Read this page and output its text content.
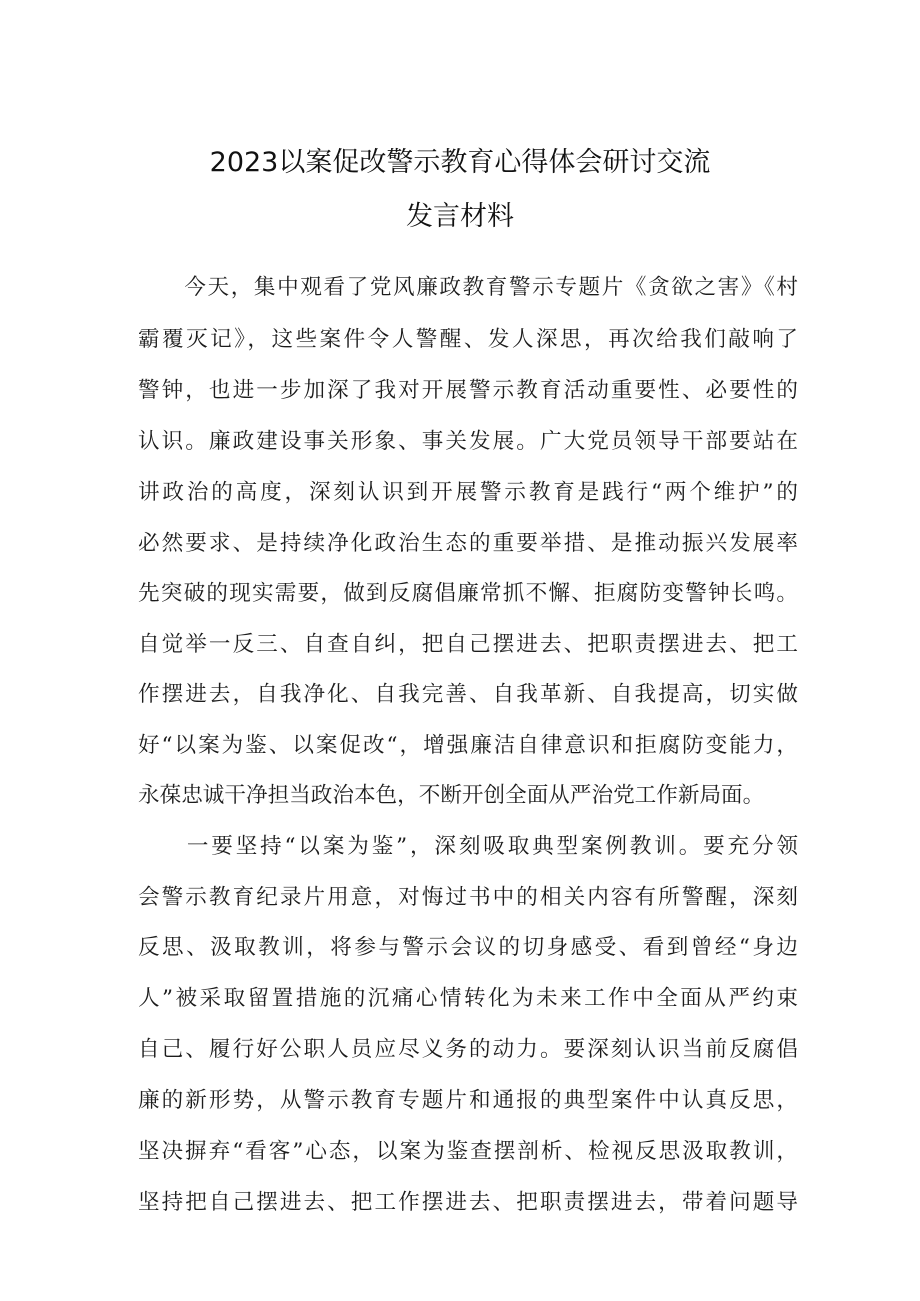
2023以案促改警示教育心得体会研讨交流
发言材料
　　今天，集中观看了党风廉政教育警示专题片《贪欲之害》《村
霸覆灭记》，这些案件令人警醒、发人深思，再次给我们敲响了
警钟，也进一步加深了我对开展警示教育活动重要性、必要性的
认识。廉政建设事关形象、事关发展。广大党员领导干部要站在
讲政治的高度，深刻认识到开展警示教育是践行“两个维护”的
必然要求、是持续净化政治生态的重要举措、是推动振兴发展率
先突破的现实需要，做到反腐倡廉常抓不懈、拒腐防变警钟长鸣。
自觉举一反三、自查自纠，把自己摆进去、把职责摆进去、把工
作摆进去，自我净化、自我完善、自我革新、自我提高，切实做
好“以案为鉴、以案促改“，增强廉洁自律意识和拒腐防变能力，
永葆忠诚干净担当政治本色，不断开创全面从严治党工作新局面。
　　一要坚持“以案为鉴”，深刻吸取典型案例教训。要充分领
会警示教育纪录片用意，对悔过书中的相关内容有所警醒，深刻
反思、汲取教训，将参与警示会议的切身感受、看到曾经“身边
人”被采取留置措施的沉痛心情转化为未来工作中全面从严约束
自己、履行好公职人员应尽义务的动力。要深刻认识当前反腐倡
廉的新形势，从警示教育专题片和通报的典型案件中认真反思，
坚决摒弃“看客”心态，以案为鉴查摆剖析、检视反思汲取教训，
坚持把自己摆进去、把工作摆进去、把职责摆进去，带着问题导
